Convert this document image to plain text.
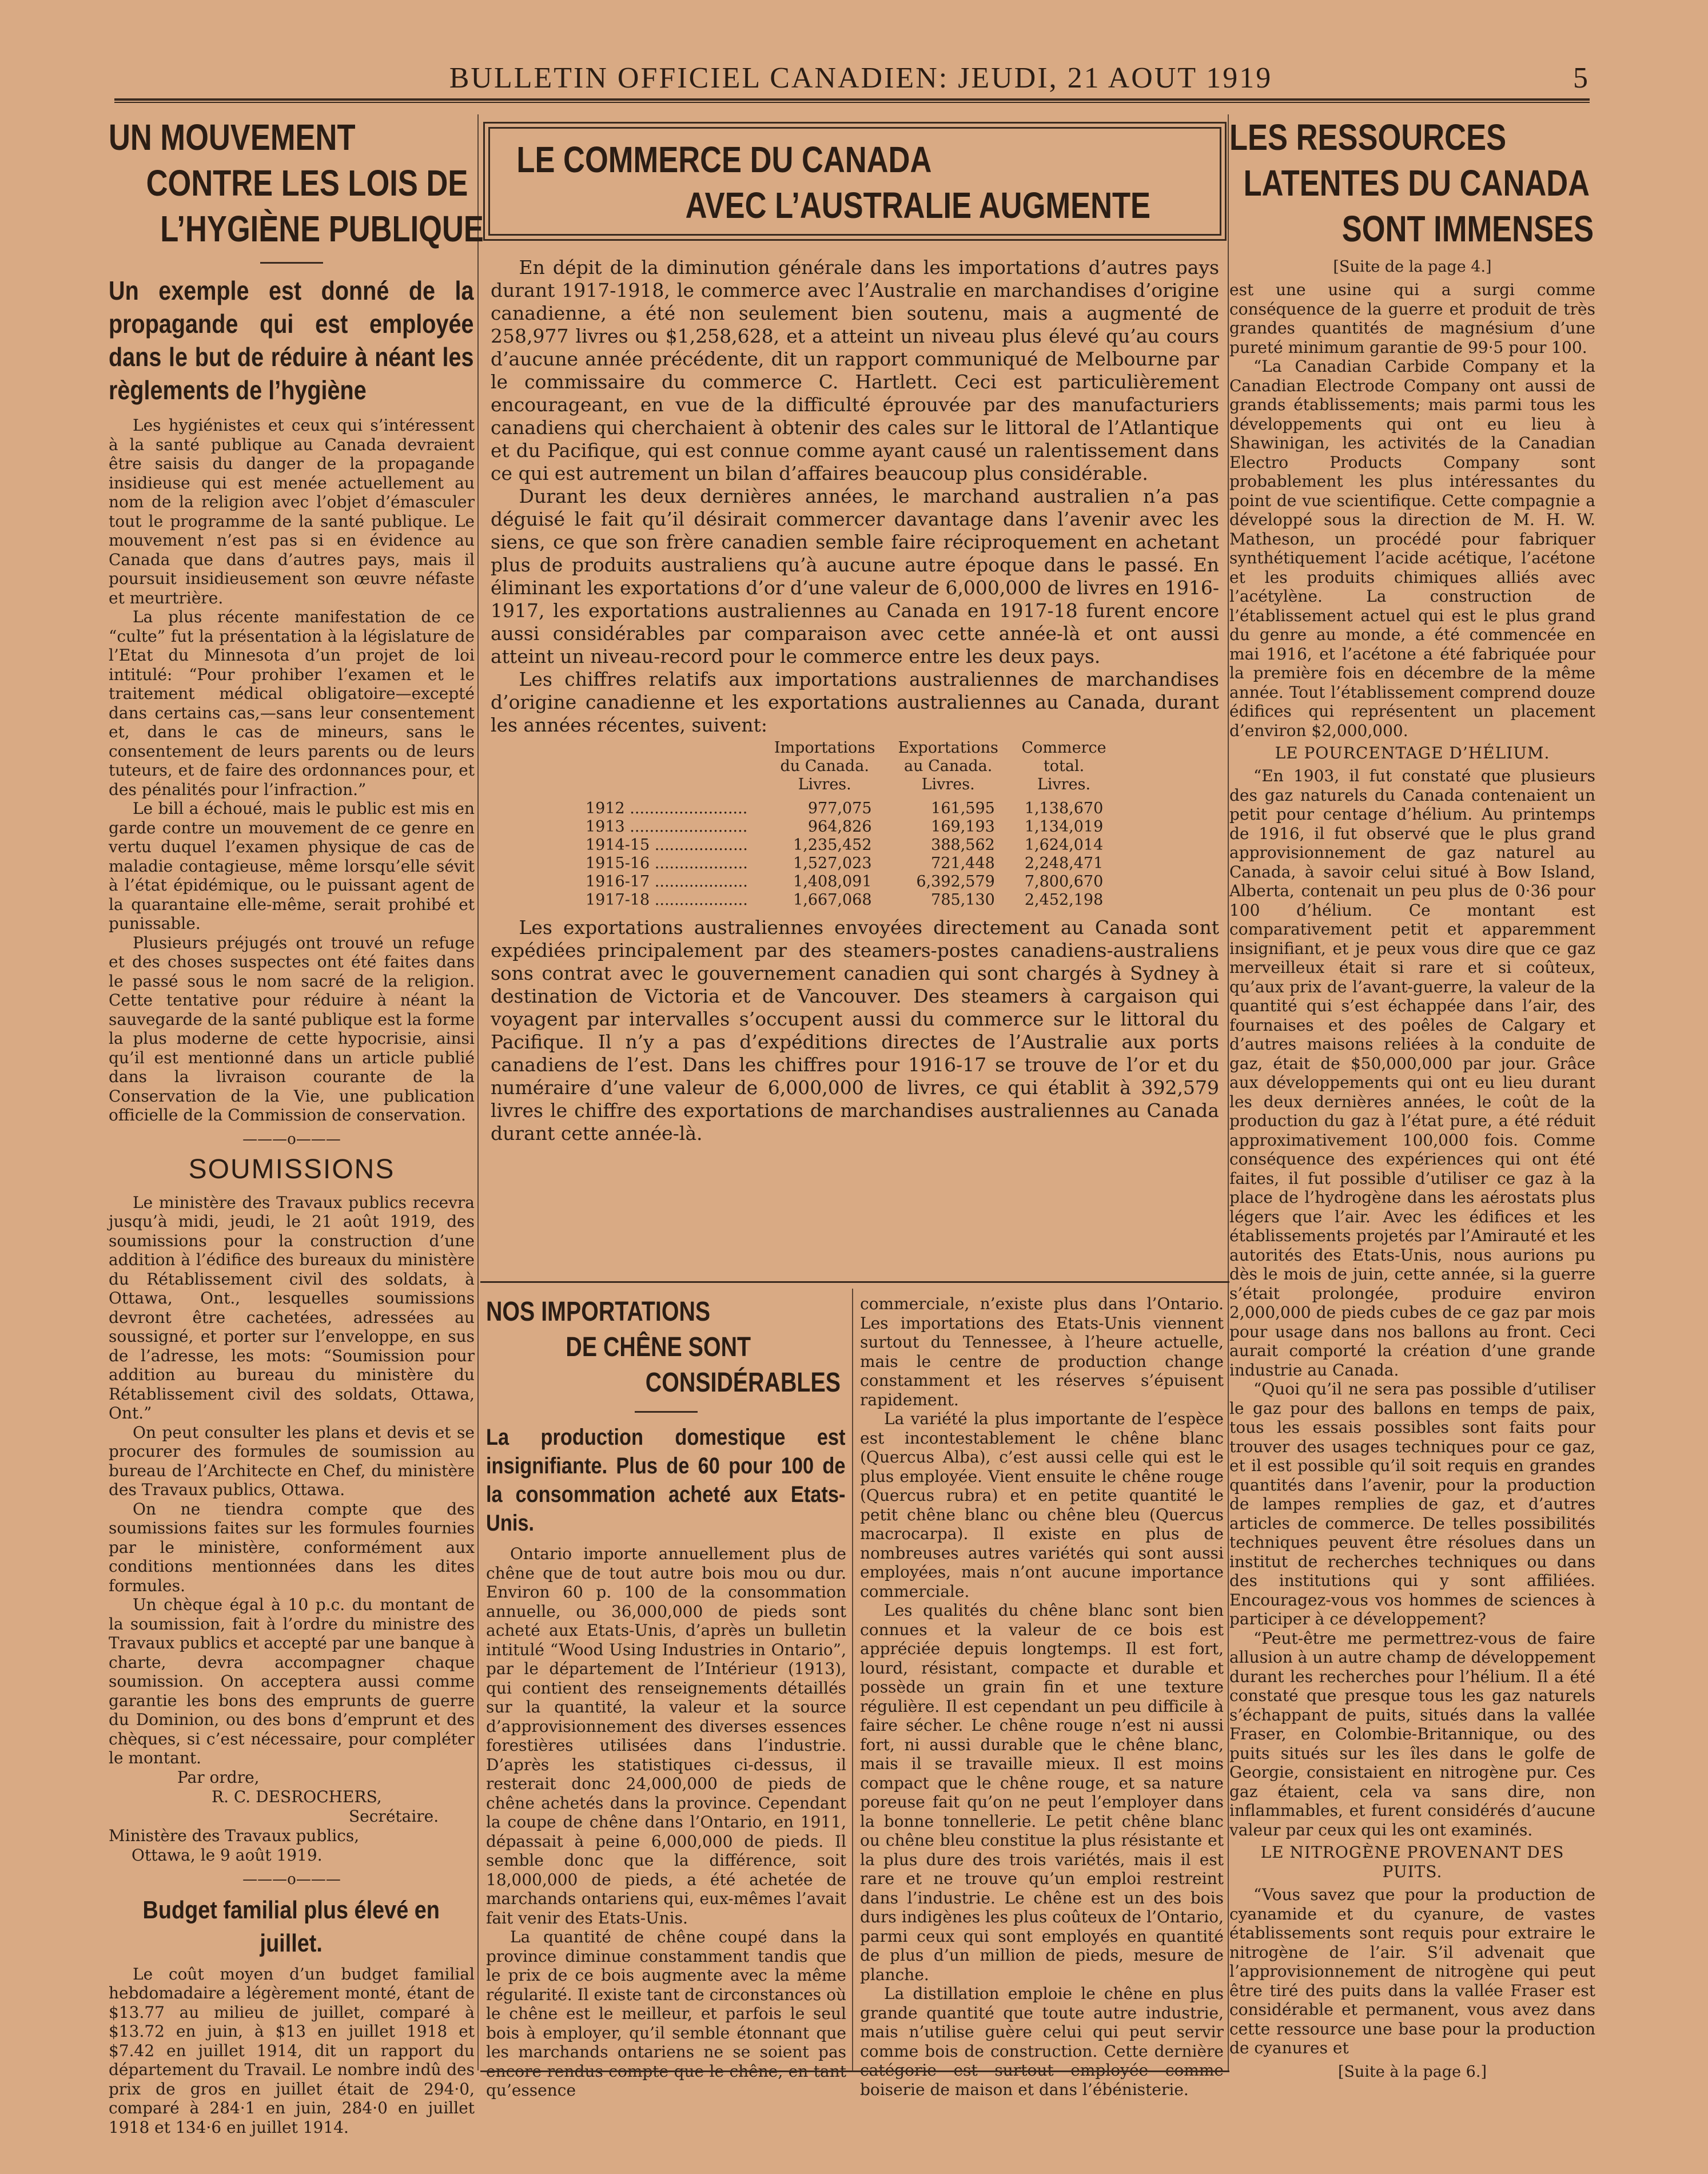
BULLETIN OFFICIEL CANADIEN: JEUDI, 21 AOUT 1919	5

UN MOUVEMENT

CONTRE LES LOIS DE

L’HYGIÈNE PUBLIQUE

Un exemple est donné de la propagande qui est employée dans le but de réduire à néant les règlements de l’hygiène

Les hygiénistes et ceux qui s’intéressent à la santé publique au Canada devraient être saisis du danger de la propagande insidieuse qui est menée actuellement au nom de la religion avec l’objet d’émasculer tout le programme de la santé publique. Le mouvement n’est pas si en évidence au Canada que dans d’autres pays, mais il poursuit insidieusement son œuvre néfaste et meurtrière.

La plus récente manifestation de ce “culte” fut la présentation à la législature de l’Etat du Minnesota d’un projet de loi intitulé: “Pour prohiber l’examen et le traitement médical obligatoire—excepté dans certains cas,—sans leur consentement et, dans le cas de mineurs, sans le consentement de leurs parents ou de leurs tuteurs, et de faire des ordonnances pour, et des pénalités pour l’infraction.”

Le bill a échoué, mais le public est mis en garde contre un mouvement de ce genre en vertu duquel l’examen physique de cas de maladie contagieuse, même lorsqu’elle sévit à l’état épidémique, ou le puissant agent de la quarantaine elle-même, serait prohibé et punissable.

Plusieurs préjugés ont trouvé un refuge et des choses suspectes ont été faites dans le passé sous le nom sacré de la religion. Cette tentative pour réduire à néant la sauvegarde de la santé publique est la forme la plus moderne de cette hypocrisie, ainsi qu’il est mentionné dans un article publié dans la livraison courante de la Conservation de la Vie, une publication officielle de la Commission de conservation.

———o———
SOUMISSIONS

Le ministère des Travaux publics recevra jusqu’à midi, jeudi, le 21 août 1919, des soumissions pour la construction d’une addition à l’édifice des bureaux du ministère du Rétablissement civil des soldats, à Ottawa, Ont., lesquelles soumissions devront être cachetées, adressées au soussigné, et porter sur l’enveloppe, en sus de l’adresse, les mots: “Soumission pour addition au bureau du ministère du Rétablissement civil des soldats, Ottawa, Ont.”

On peut consulter les plans et devis et se procurer des formules de soumission au bureau de l’Architecte en Chef, du ministère des Travaux publics, Ottawa.

On ne tiendra compte que des soumissions faites sur les formules fournies par le ministère, conformément aux conditions mentionnées dans les dites formules.

Un chèque égal à 10 p.c. du montant de la soumission, fait à l’ordre du ministre des Travaux publics et accepté par une banque à charte, devra accompagner chaque soumission. On acceptera aussi comme garantie les bons des emprunts de guerre du Dominion, ou des bons d’emprunt et des chèques, si c’est nécessaire, pour compléter le montant.

Par ordre,
R. C. DESROCHERS,
Secrétaire.
Ministère des Travaux publics,
Ottawa, le 9 août 1919.
———o———

Budget familial plus élevé en juillet.

Le coût moyen d’un budget familial hebdomadaire a légèrement monté, étant de $13.77 au milieu de juillet, comparé à $13.72 en juin, à $13 en juillet 1918 et $7.42 en juillet 1914, dit un rapport du département du Travail. Le nombre indû des prix de gros en juillet était de 294·0, comparé à 284·1 en juin, 284·0 en juillet 1918 et 134·6 en juillet 1914.

LE COMMERCE DU CANADA

AVEC L’AUSTRALIE AUGMENTE

En dépit de la diminution générale dans les importations d’autres pays durant 1917-1918, le commerce avec l’Australie en marchandises d’origine canadienne, a été non seulement bien soutenu, mais a augmenté de 258,977 livres ou $1,258,628, et a atteint un niveau plus élevé qu’au cours d’aucune année précédente, dit un rapport communiqué de Melbourne par le commissaire du commerce C. Hartlett. Ceci est particulièrement encourageant, en vue de la difficulté éprouvée par des manufacturiers canadiens qui cherchaient à obtenir des cales sur le littoral de l’Atlantique et du Pacifique, qui est connue comme ayant causé un ralentissement dans ce qui est autrement un bilan d’affaires beaucoup plus considérable.

Durant les deux dernières années, le marchand australien n’a pas déguisé le fait qu’il désirait commercer davantage dans l’avenir avec les siens, ce que son frère canadien semble faire réciproquement en achetant plus de produits australiens qu’à aucune autre époque dans le passé. En éliminant les exportations d’or d’une valeur de 6,000,000 de livres en 1916-1917, les exportations australiennes au Canada en 1917-18 furent encore aussi considérables par comparaison avec cette année-là et ont aussi atteint un niveau-record pour le commerce entre les deux pays.

Les chiffres relatifs aux importations australiennes de marchandises d’origine canadienne et les exportations australiennes au Canada, durant les années récentes, suivent:

	Importations
du Canada.
Livres.	Exportations
au Canada.
Livres.	Commerce
total.
Livres.

1912 ........................	977,075	161,595	1,138,670
1913 ........................	964,826	169,193	1,134,019
1914-15 ...................	1,235,452	388,562	1,624,014
1915-16 ...................	1,527,023	721,448	2,248,471
1916-17 ...................	1,408,091	6,392,579	7,800,670
1917-18 ...................	1,667,068	785,130	2,452,198

Les exportations australiennes envoyées directement au Canada sont expédiées principalement par des steamers-postes canadiens-australiens sons contrat avec le gouvernement canadien qui sont chargés à Sydney à destination de Victoria et de Vancouver. Des steamers à cargaison qui voyagent par intervalles s’occupent aussi du commerce sur le littoral du Pacifique. Il n’y a pas d’expéditions directes de l’Australie aux ports canadiens de l’est. Dans les chiffres pour 1916-17 se trouve de l’or et du numéraire d’une valeur de 6,000,000 de livres, ce qui établit à 392,579 livres le chiffre des exportations de marchandises australiennes au Canada durant cette année-là.

NOS IMPORTATIONS

DE CHÊNE SONT

CONSIDÉRABLES

La production domestique est insignifiante. Plus de 60 pour 100 de la consommation acheté aux Etats-Unis.

Ontario importe annuellement plus de chêne que de tout autre bois mou ou dur. Environ 60 p. 100 de la consommation annuelle, ou 36,000,000 de pieds sont acheté aux Etats-Unis, d’après un bulletin intitulé “Wood Using Industries in Ontario”, par le département de l’Intérieur (1913), qui contient des renseignements détaillés sur la quantité, la valeur et la source d’approvisionnement des diverses essences forestières utilisées dans l’industrie. D’après les statistiques ci-dessus, il resterait donc 24,000,000 de pieds de chêne achetés dans la province. Cependant la coupe de chêne dans l’Ontario, en 1911, dépassait à peine 6,000,000 de pieds. Il semble donc que la différence, soit 18,000,000 de pieds, a été achetée de marchands ontariens qui, eux-mêmes l’avait fait venir des Etats-Unis.

La quantité de chêne coupé dans la province diminue constamment tandis que le prix de ce bois augmente avec la même régularité. Il existe tant de circonstances où le chêne est le meilleur, et parfois le seul bois à employer, qu’il semble étonnant que les marchands ontariens ne se soient pas encore rendus compte que le chêne, en tant qu’essence

commerciale, n’existe plus dans l’Ontario. Les importations des Etats-Unis viennent surtout du Tennessee, à l’heure actuelle, mais le centre de production change constamment et les réserves s’épuisent rapidement.

La variété la plus importante de l’espèce est incontestablement le chêne blanc (Quercus Alba), c’est aussi celle qui est le plus employée. Vient ensuite le chêne rouge (Quercus rubra) et en petite quantité le petit chêne blanc ou chêne bleu (Quercus macrocarpa). Il existe en plus de nombreuses autres variétés qui sont aussi employées, mais n’ont aucune importance commerciale.

Les qualités du chêne blanc sont bien connues et la valeur de ce bois est appréciée depuis longtemps. Il est fort, lourd, résistant, compacte et durable et possède un grain fin et une texture régulière. Il est cependant un peu difficile à faire sécher. Le chêne rouge n’est ni aussi fort, ni aussi durable que le chêne blanc, mais il se travaille mieux. Il est moins compact que le chêne rouge, et sa nature poreuse fait qu’on ne peut l’employer dans la bonne tonnellerie. Le petit chêne blanc ou chêne bleu constitue la plus résistante et la plus dure des trois variétés, mais il est rare et ne trouve qu’un emploi restreint dans l’industrie. Le chêne est un des bois durs indigènes les plus coûteux de l’Ontario, parmi ceux qui sont employés en quantité de plus d’un million de pieds, mesure de planche.

La distillation emploie le chêne en plus grande quantité que toute autre industrie, mais n’utilise guère celui qui peut servir comme bois de construction. Cette dernière catégorie est surtout employée comme boiserie de maison et dans l’ébénisterie.

LES RESSOURCES

LATENTES DU CANADA

SONT IMMENSES

[Suite de la page 4.]

est une usine qui a surgi comme conséquence de la guerre et produit de très grandes quantités de magnésium d’une pureté minimum garantie de 99·5 pour 100.

“La Canadian Carbide Company et la Canadian Electrode Company ont aussi de grands établissements; mais parmi tous les développements qui ont eu lieu à Shawinigan, les activités de la Canadian Electro Products Company sont probablement les plus intéressantes du point de vue scientifique. Cette compagnie a développé sous la direction de M. H. W. Matheson, un procédé pour fabriquer synthétiquement l’acide acétique, l’acétone et les produits chimiques alliés avec l’acétylène. La construction de l’établissement actuel qui est le plus grand du genre au monde, a été commencée en mai 1916, et l’acétone a été fabriquée pour la première fois en décembre de la même année. Tout l’établissement comprend douze édifices qui représentent un placement d’environ $2,000,000.

LE POURCENTAGE D’HÉLIUM.

“En 1903, il fut constaté que plusieurs des gaz naturels du Canada contenaient un petit pour centage d’hélium. Au printemps de 1916, il fut observé que le plus grand approvisionnement de gaz naturel au Canada, à savoir celui situé à Bow Island, Alberta, contenait un peu plus de 0·36 pour 100 d’hélium. Ce montant est comparativement petit et apparemment insignifiant, et je peux vous dire que ce gaz merveilleux était si rare et si coûteux, qu’aux prix de l’avant-guerre, la valeur de la quantité qui s’est échappée dans l’air, des fournaises et des poêles de Calgary et d’autres maisons reliées à la conduite de gaz, était de $50,000,000 par jour. Grâce aux développements qui ont eu lieu durant les deux dernières années, le coût de la production du gaz à l’état pure, a été réduit approximativement 100,000 fois. Comme conséquence des expériences qui ont été faites, il fut possible d’utiliser ce gaz à la place de l’hydrogène dans les aérostats plus légers que l’air. Avec les édifices et les établissements projetés par l’Amirauté et les autorités des Etats-Unis, nous aurions pu dès le mois de juin, cette année, si la guerre s’était prolongée, produire environ 2,000,000 de pieds cubes de ce gaz par mois pour usage dans nos ballons au front. Ceci aurait comporté la création d’une grande industrie au Canada.

“Quoi qu’il ne sera pas possible d’utiliser le gaz pour des ballons en temps de paix, tous les essais possibles sont faits pour trouver des usages techniques pour ce gaz, et il est possible qu’il soit requis en grandes quantités dans l’avenir, pour la production de lampes remplies de gaz, et d’autres articles de commerce. De telles possibilités techniques peuvent être résolues dans un institut de recherches techniques ou dans des institutions qui y sont affiliées. Encouragez-vous vos hommes de sciences à participer à ce développement?

“Peut-être me permettrez-vous de faire allusion à un autre champ de développement durant les recherches pour l’hélium. Il a été constaté que presque tous les gaz naturels s’échappant de puits, situés dans la vallée Fraser, en Colombie-Britannique, ou des puits situés sur les îles dans le golfe de Georgie, consistaient en nitrogène pur. Ces gaz étaient, cela va sans dire, non inflammables, et furent considérés d’aucune valeur par ceux qui les ont examinés.

LE NITROGÈNE PROVENANT DES PUITS.

“Vous savez que pour la production de cyanamide et du cyanure, de vastes établissements sont requis pour extraire le nitrogène de l’air. S’il advenait que l’approvisionnement de nitrogène qui peut être tiré des puits dans la vallée Fraser est considérable et permanent, vous avez dans cette ressource une base pour la production de cyanures et

[Suite à la page 6.]
